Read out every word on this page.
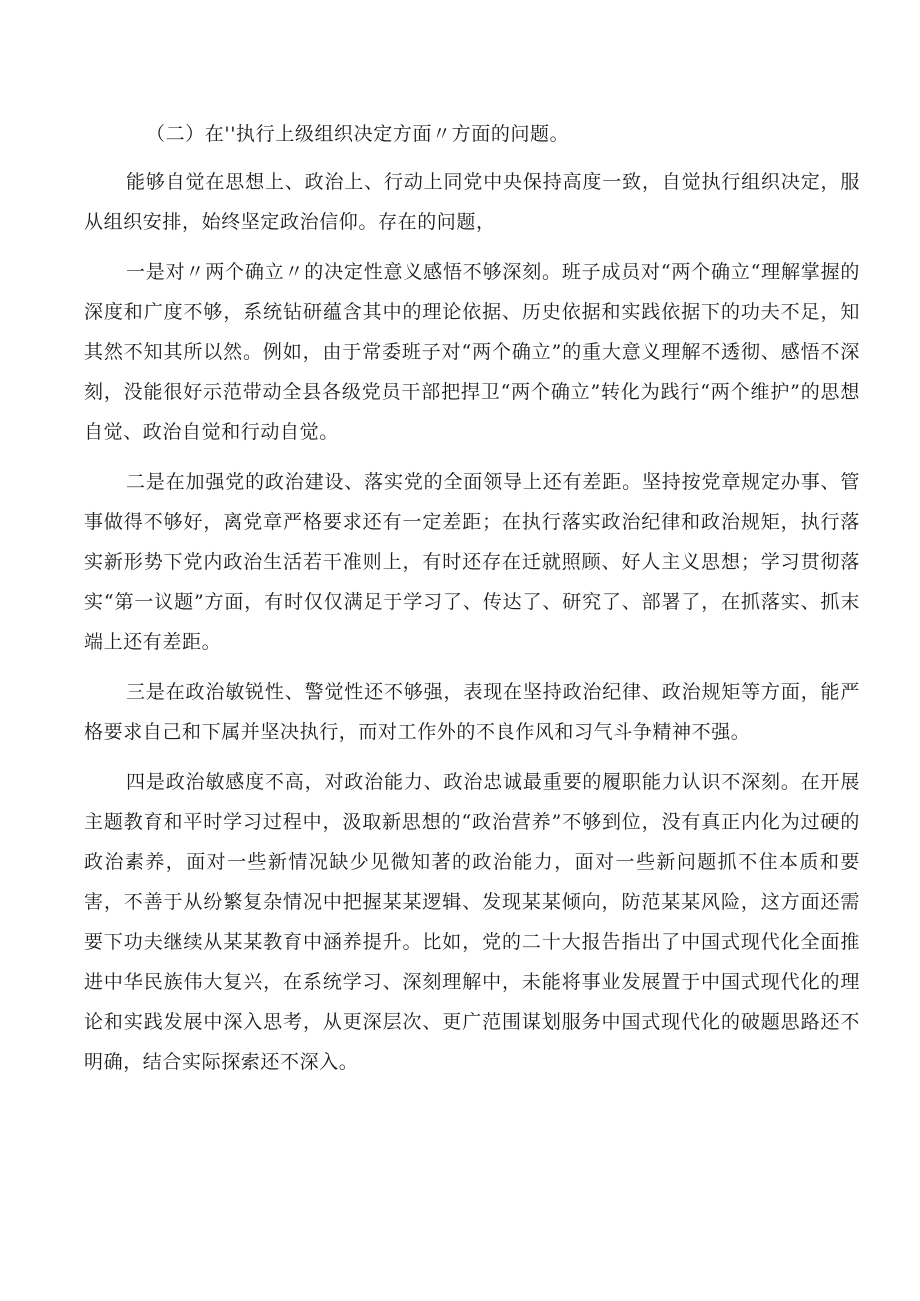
（二）在''执行上级组织决定方面〃方面的问题。

能够自觉在思想上、政治上、行动上同党中央保持高度一致，自觉执行组织决定，服从组织安排，始终坚定政治信仰。存在的问题，

一是对〃两个确立〃的决定性意义感悟不够深刻。班子成员对“两个确立“理解掌握的深度和广度不够，系统钻研蕴含其中的理论依据、历史依据和实践依据下的功夫不足，知其然不知其所以然。例如，由于常委班子对“两个确立”的重大意义理解不透彻、感悟不深刻，没能很好示范带动全县各级党员干部把捍卫“两个确立”转化为践行“两个维护”的思想自觉、政治自觉和行动自觉。

二是在加强党的政治建设、落实党的全面领导上还有差距。坚持按党章规定办事、管事做得不够好，离党章严格要求还有一定差距；在执行落实政治纪律和政治规矩，执行落实新形势下党内政治生活若干准则上，有时还存在迁就照顾、好人主义思想；学习贯彻落实“第一议题”方面，有时仅仅满足于学习了、传达了、研究了、部署了，在抓落实、抓末端上还有差距。

三是在政治敏锐性、警觉性还不够强，表现在坚持政治纪律、政治规矩等方面，能严格要求自己和下属并坚决执行，而对工作外的不良作风和习气斗争精神不强。

四是政治敏感度不高，对政治能力、政治忠诚最重要的履职能力认识不深刻。在开展主题教育和平时学习过程中，汲取新思想的“政治营养”不够到位，没有真正内化为过硬的政治素养，面对一些新情况缺少见微知著的政治能力，面对一些新问题抓不住本质和要害，不善于从纷繁复杂情况中把握某某逻辑、发现某某倾向，防范某某风险，这方面还需要下功夫继续从某某教育中涵养提升。比如，党的二十大报告指出了中国式现代化全面推进中华民族伟大复兴，在系统学习、深刻理解中，未能将事业发展置于中国式现代化的理论和实践发展中深入思考，从更深层次、更广范围谋划服务中国式现代化的破题思路还不明确，结合实际探索还不深入。
